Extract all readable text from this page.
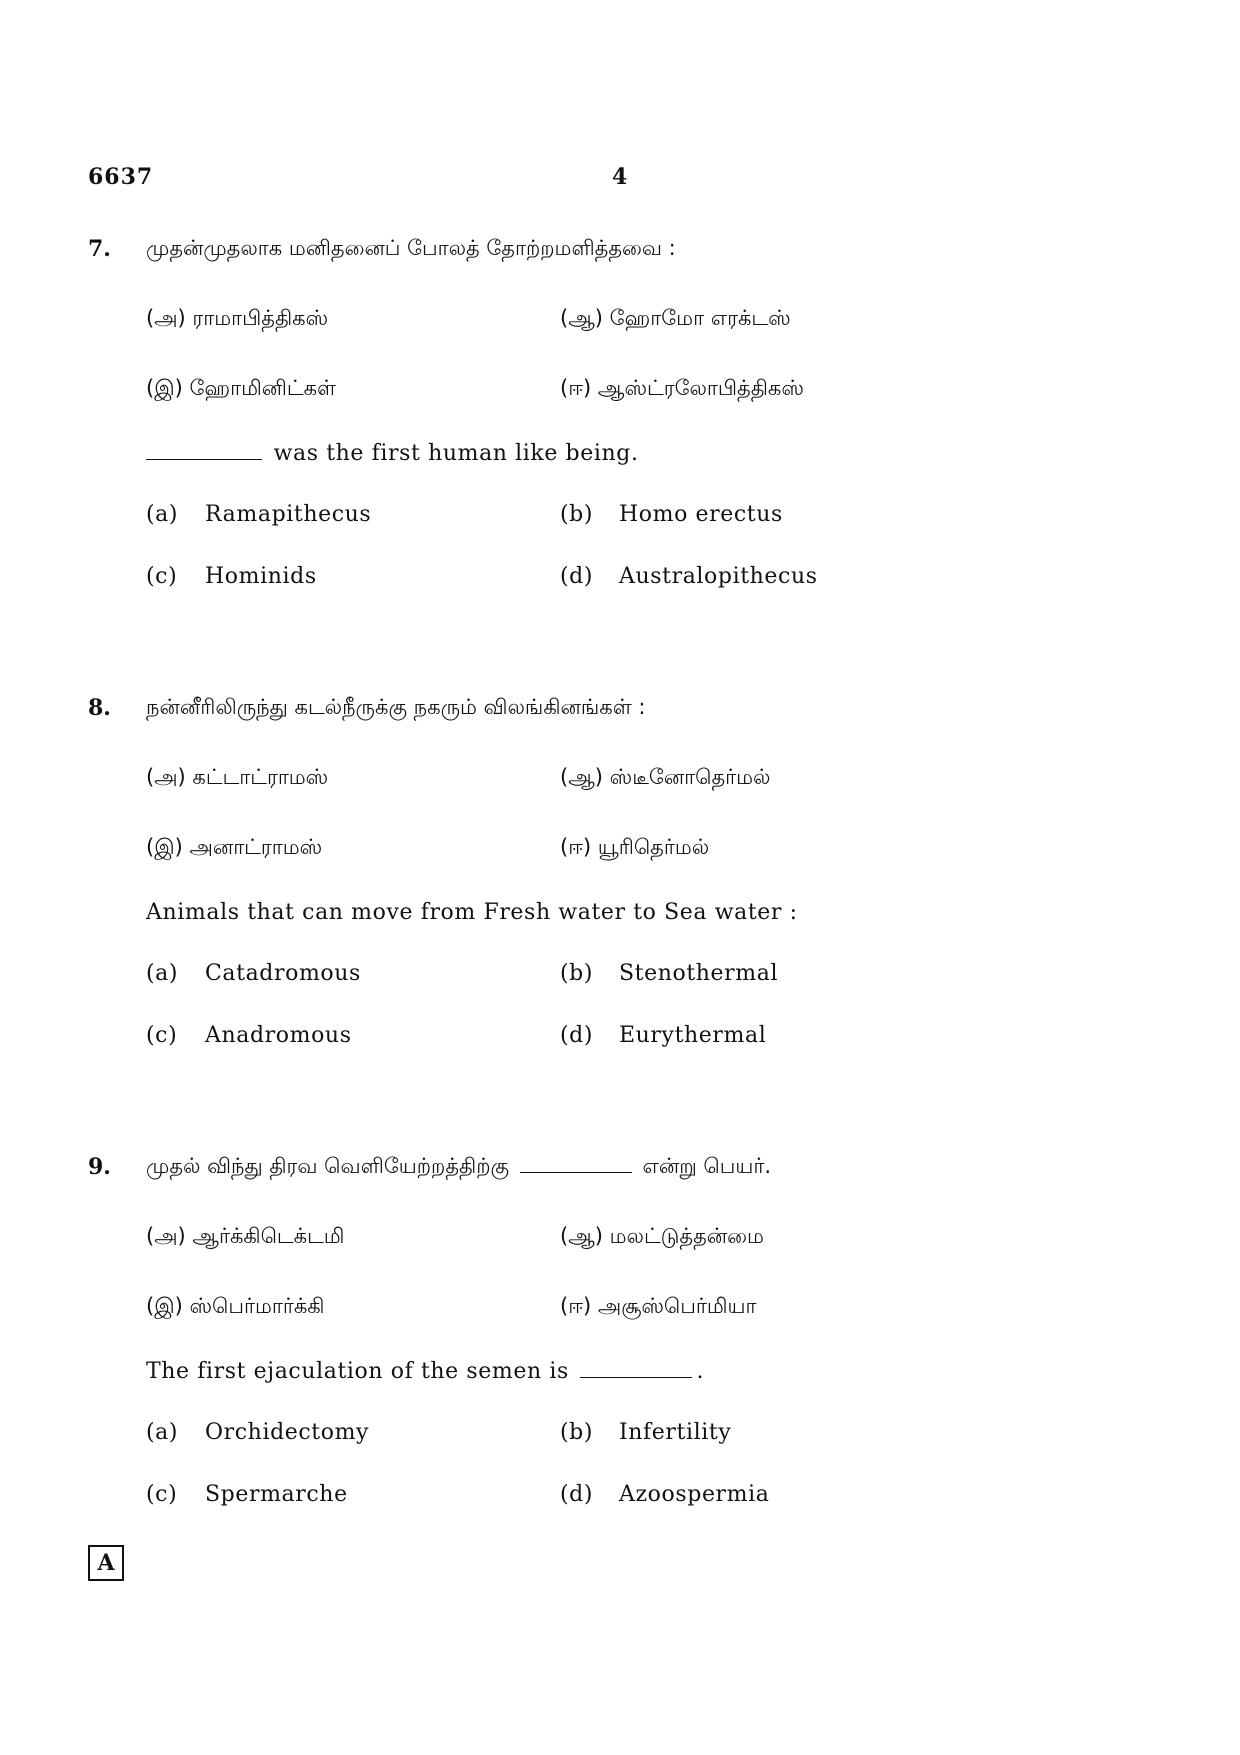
6637	4
7. முதன்முதலாக மனிதனைப் போலத் தோற்றமளித்தவை :
(அ) ராமாபித்திகஸ்	(ஆ) ஹோமோ எரக்டஸ்
(இ) ஹோமினிட்கள்	(ஈ) ஆஸ்ட்ரலோபித்திகஸ்
was the first human like being.
(a) Ramapithecus	(b) Homo erectus
(c) Hominids	(d) Australopithecus
8. நன்னீரிலிருந்து கடல்நீருக்கு நகரும் விலங்கினங்கள் :
(அ) கட்டாட்ராமஸ்	(ஆ) ஸ்டீனோதெர்மல்
(இ) அனாட்ராமஸ்	(ஈ) யூரிதெர்மல்
Animals that can move from Fresh water to Sea water :
(a) Catadromous	(b) Stenothermal
(c) Anadromous	(d) Eurythermal
9. முதல் விந்து திரவ வெளியேற்றத்திற்கு	என்று பெயர்.
(அ) ஆர்க்கிடெக்டமி	(ஆ) மலட்டுத்தன்மை
(இ) ஸ்பெர்மார்க்கி	(ஈ) அசூஸ்பெர்மியா
The first ejaculation of the semen is	.
(a) Orchidectomy	(b) Infertility
(c) Spermarche	(d) Azoospermia
A
